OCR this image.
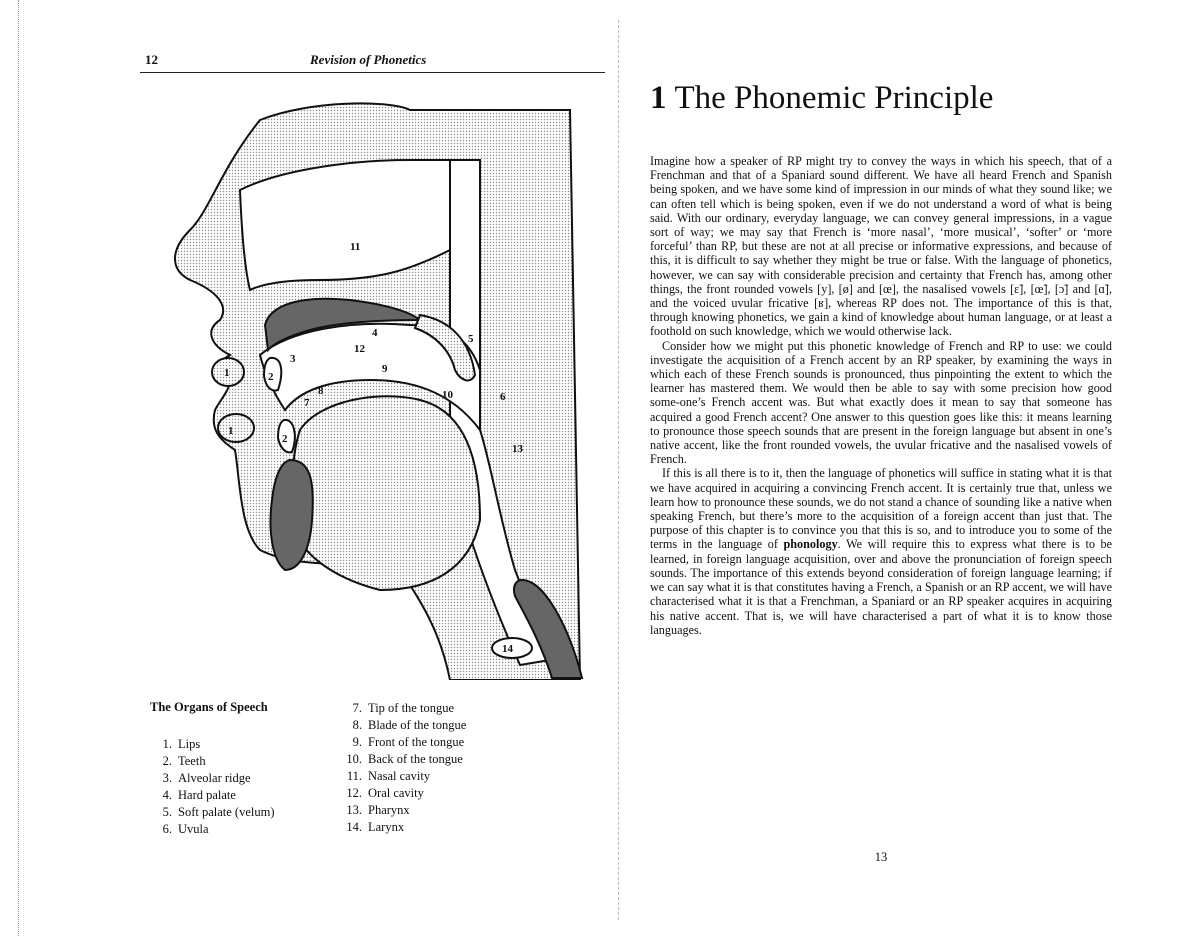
12	Revision of Phonetics
1
1
2
2
3
4	5
6
7
8
9
10
11
12
13
14
The Organs of Speech
1. Lips
2. Teeth
3. Alveolar ridge
4. Hard palate
5. Soft palate (velum)
6. Uvula
7. Tip of the tongue
8. Blade of the tongue
9. Front of the tongue
10. Back of the tongue
11. Nasal cavity
12. Oral cavity
13. Pharynx
14. Larynx
1 The Phonemic Principle

Imagine how a speaker of RP might try to convey the ways in which his speech, that of a Frenchman and that of a Spaniard sound different. We have all heard French and Spanish being spoken, and we have some kind of impression in our minds of what they sound like; we can often tell which is being spoken, even if we do not understand a word of what is being said. With our ordinary, everyday language, we can convey general impressions, in a vague sort of way; we may say that French is ‘more nasal’, ‘more musical’, ‘softer’ or ‘more forceful’ than RP, but these are not at all precise or informative expressions, and because of this, it is difficult to say whether they might be true or false. With the language of phonetics, however, we can say with considerable precision and certainty that French has, among other things, the front rounded vowels [y], [ø] and [œ], the nasalised vowels [ɛ̃], [œ̃], [ɔ̃] and [ɑ̃], and the voiced uvular fricative [ʁ], whereas RP does not. The importance of this is that, through knowing phonetics, we gain a kind of knowledge about human language, or at least a foothold on such knowledge, which we would otherwise lack.

Consider how we might put this phonetic knowledge of French and RP to use: we could investigate the acquisition of a French accent by an RP speaker, by examining the ways in which each of these French sounds is pronounced, thus pinpointing the extent to which the learner has mastered them. We would then be able to say with some precision how good some-one’s French accent was. But what exactly does it mean to say that someone has acquired a good French accent? One answer to this question goes like this: it means learning to pronounce those speech sounds that are present in the foreign language but absent in one’s native accent, like the front rounded vowels, the uvular fricative and the nasalised vowels of French.

If this is all there is to it, then the language of phonetics will suffice in stating what it is that we have acquired in acquiring a convincing French accent. It is certainly true that, unless we learn how to pronounce these sounds, we do not stand a chance of sounding like a native when speaking French, but there’s more to the acquisition of a foreign accent than just that. The purpose of this chapter is to convince you that this is so, and to introduce you to some of the terms in the language of phonology. We will require this to express what there is to be learned, in foreign language acquisition, over and above the pronunciation of foreign speech sounds. The importance of this extends beyond consideration of foreign language learning; if we can say what it is that constitutes having a French, a Spanish or an RP accent, we will have characterised what it is that a Frenchman, a Spaniard or an RP speaker acquires in acquiring his native accent. That is, we will have characterised a part of what it is to know those languages.

13
